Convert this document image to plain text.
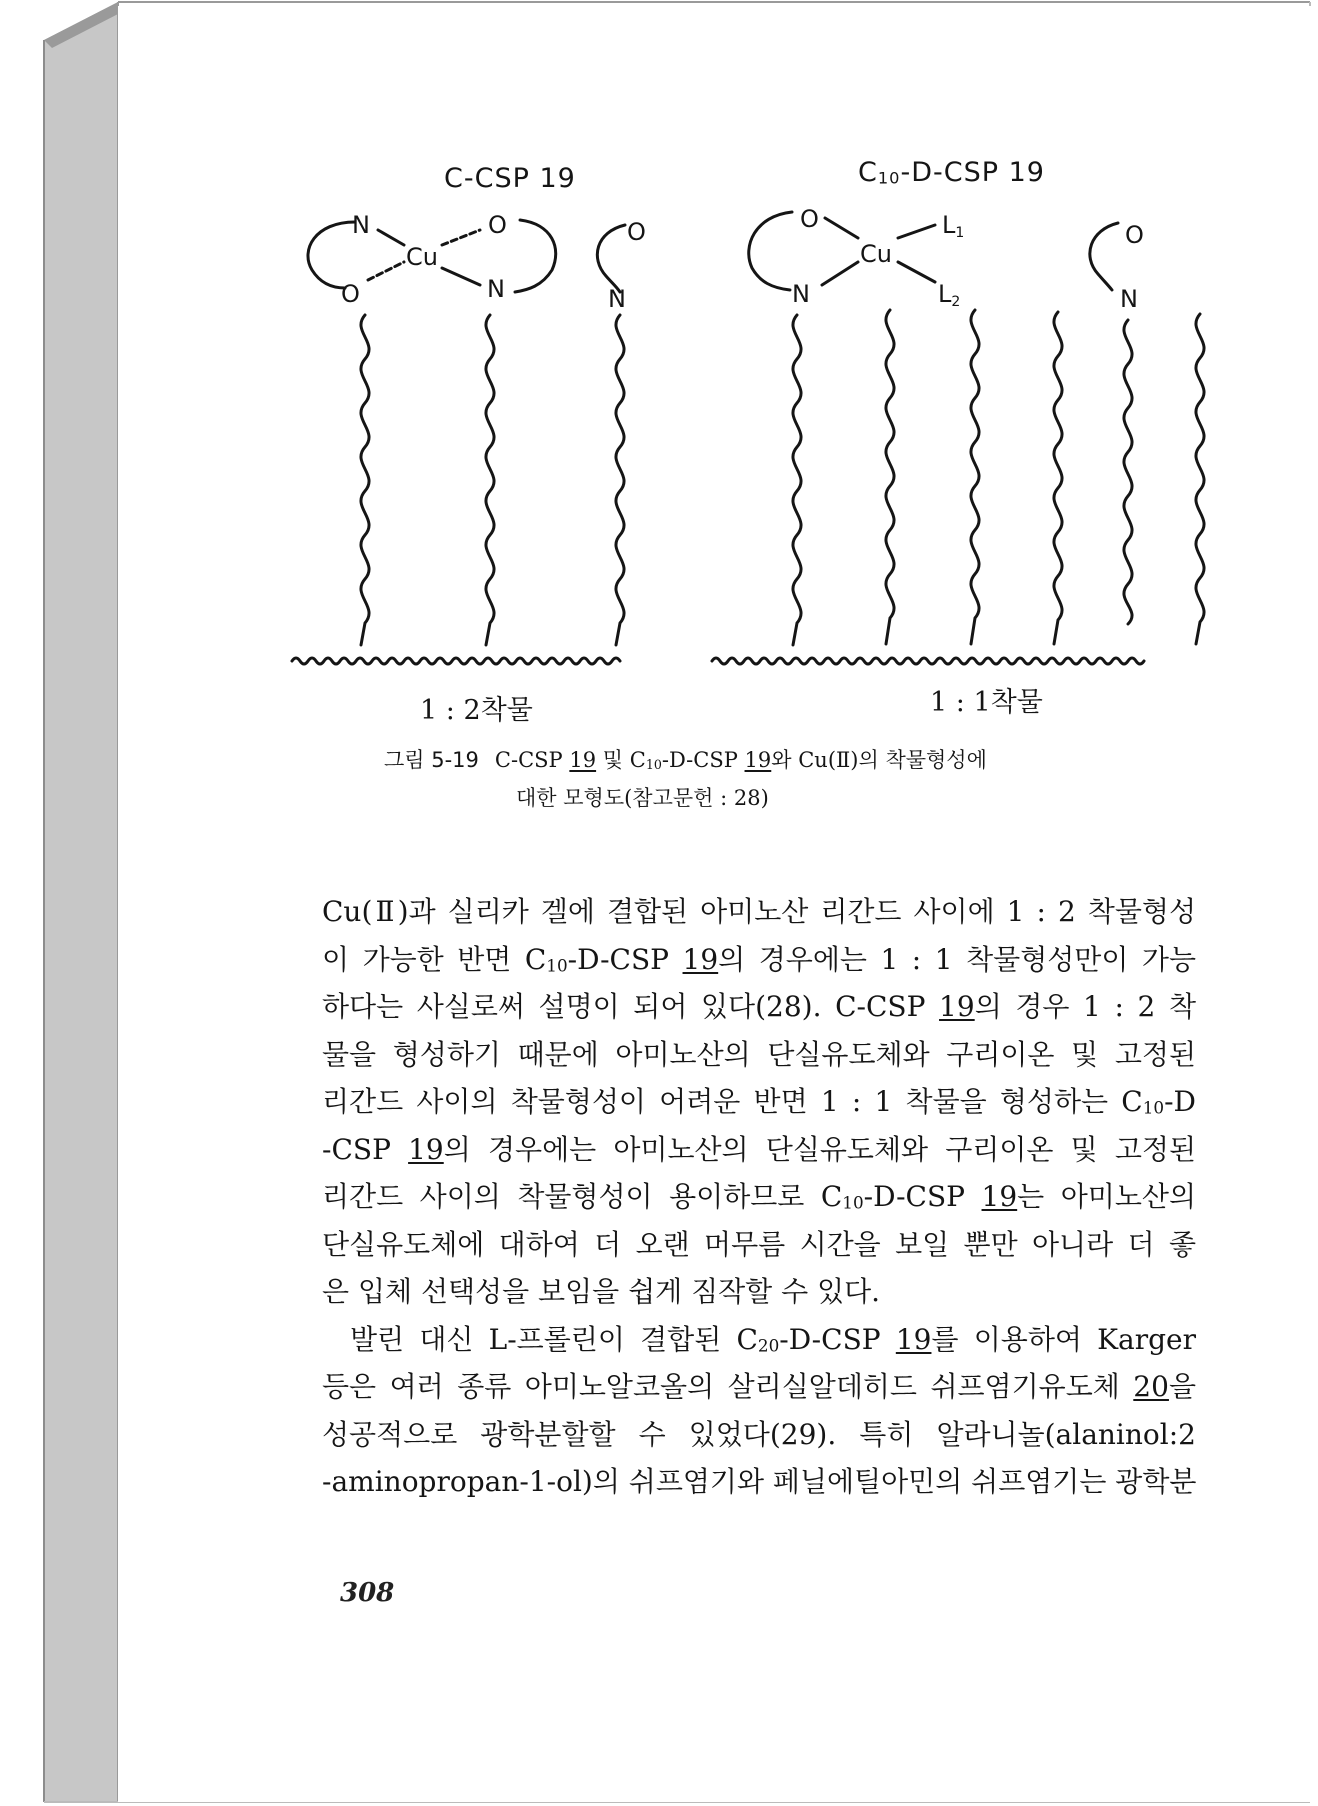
C-CSP 19	$C_{10}-D$-CSP 19
N	O
Cu
O	N
O
N
O
Cu
N
L1
L2
O
N
1 : 2착물	1 : 1착물
그림 5-19 C-CSP 19 및 $C_{10}-D$-CSP 19와 Cu(Ⅱ)의 착물형성에
대한 모형도(참고문헌 : 28)
Cu(Ⅱ)과 실리카 겔에 결합된 아미노산 리간드 사이에 1 : 2 착물형성
이 가능한 반면 $C_{10}-D$-CSP 19의 경우에는 1 : 1 착물형성만이 가능
하다는 사실로써 설명이 되어 있다(28). C-CSP 19의 경우 1 : 2 착
물을 형성하기 때문에 아미노산의 단실유도체와 구리이온 및 고정된
리간드 사이의 착물형성이 어려운 반면 1 : 1 착물을 형성하는 $C_{10}-D$
-CSP 19의 경우에는 아미노산의 단실유도체와 구리이온 및 고정된
리간드 사이의 착물형성이 용이하므로 $C_{10}-D$-CSP 19는 아미노산의
단실유도체에 대하여 더 오랜 머무름 시간을 보일 뿐만 아니라 더 좋
은 입체 선택성을 보임을 쉽게 짐작할 수 있다.
발린 대신 L-프롤린이 결합된 $C_{20}-D$-CSP 19를 이용하여 Karger
등은 여러 종류 아미노알코올의 살리실알데히드 쉬프염기유도체 20을
성공적으로 광학분할할 수 있었다(29). 특히 알라니놀(alaninol:2
-aminopropan-1-ol)의 쉬프염기와 페닐에틸아민의 쉬프염기는 광학분
308
